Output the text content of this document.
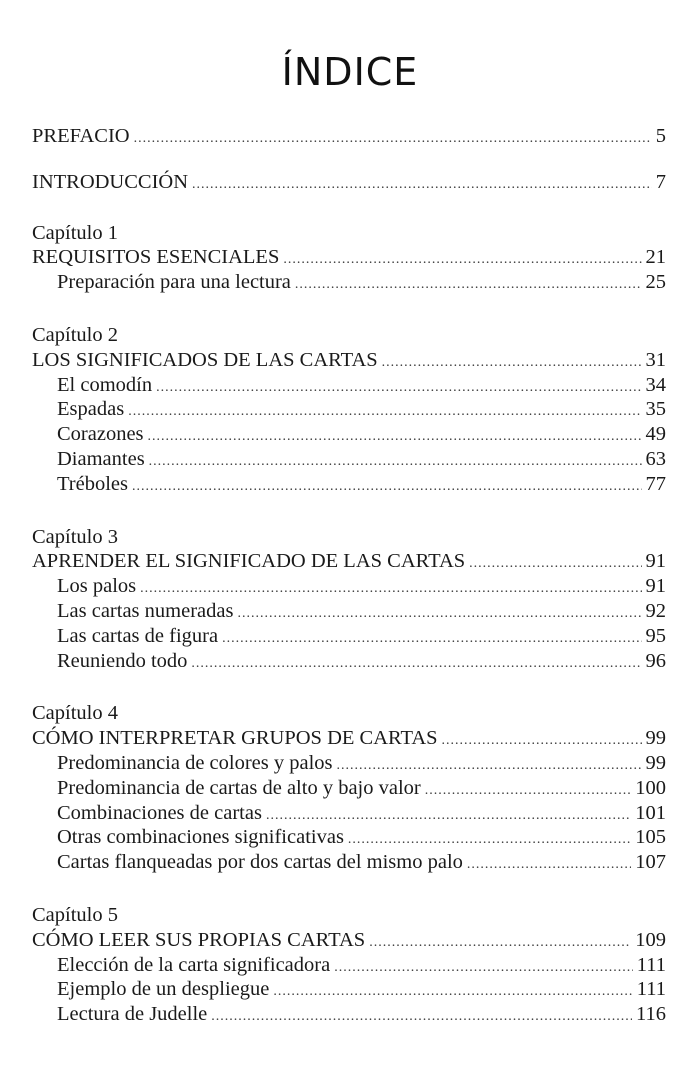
ÍNDICE
PREFACIO .....	5
INTRODUCCIÓN .....	7
Capítulo 1
REQUISITOS ESENCIALES .....	21
Preparación para una lectura .....	25
Capítulo 2
LOS SIGNIFICADOS DE LAS CARTAS .....	31
El comodín .....	34
Espadas .....	35
Corazones .....	49
Diamantes .....	63
Tréboles .....	77
Capítulo 3
APRENDER EL SIGNIFICADO DE LAS CARTAS .....	91
Los palos .....	91
Las cartas numeradas .....	92
Las cartas de figura .....	95
Reuniendo todo .....	96
Capítulo 4
CÓMO INTERPRETAR GRUPOS DE CARTAS .....	99
Predominancia de colores y palos .....	99
Predominancia de cartas de alto y bajo valor .....	100
Combinaciones de cartas .....	101
Otras combinaciones significativas .....	105
Cartas flanqueadas por dos cartas del mismo palo .....	107
Capítulo 5
CÓMO LEER SUS PROPIAS CARTAS .....	109
Elección de la carta significadora .....	111
Ejemplo de un despliegue .....	111
Lectura de Judelle .....	116
